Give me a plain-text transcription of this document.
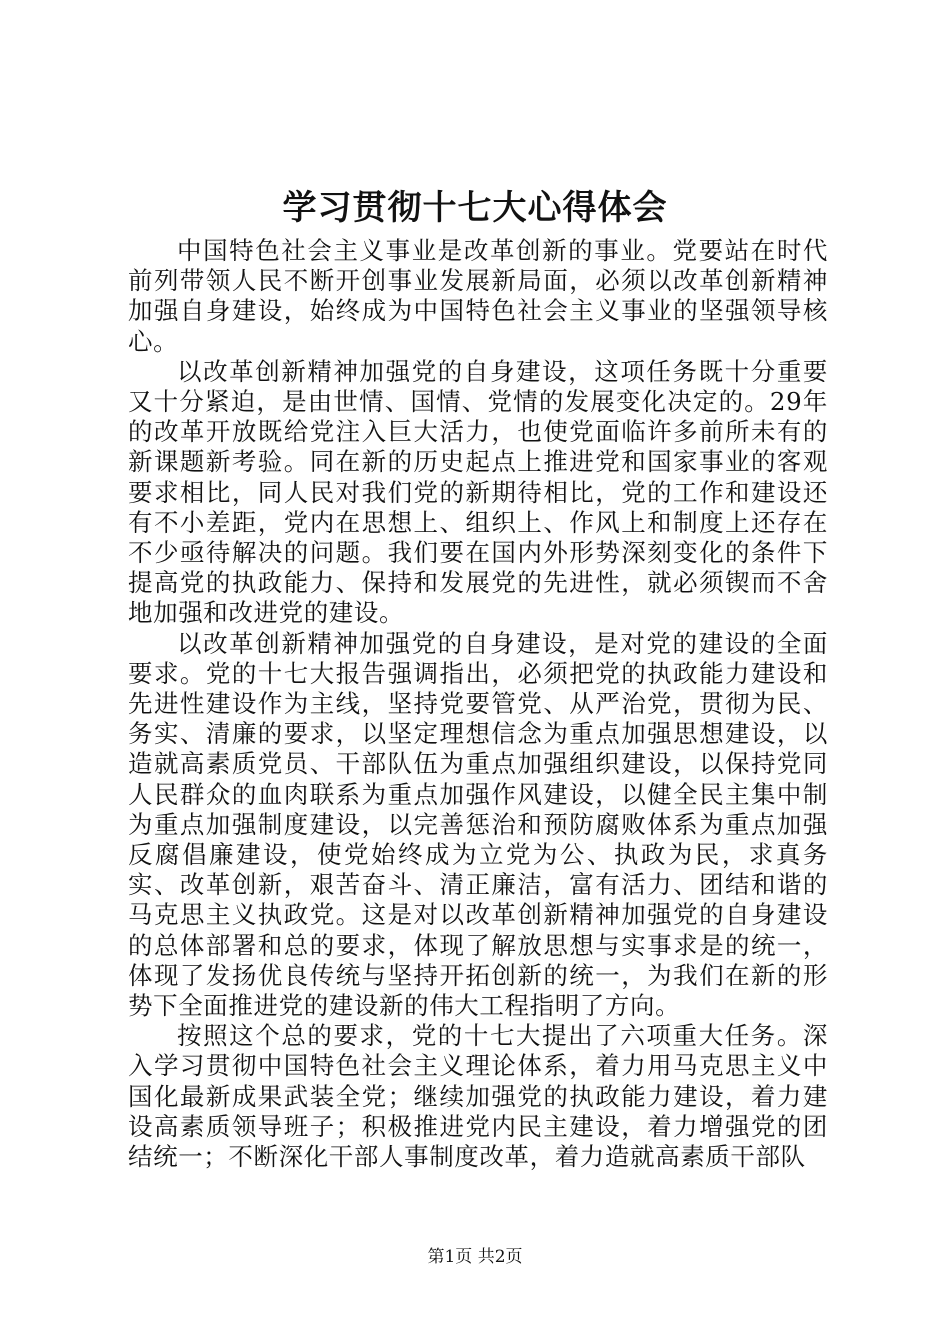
学习贯彻十七大心得体会

中国特色社会主义事业是改革创新的事业。党要站在时代前列带领人民不断开创事业发展新局面，必须以改革创新精神加强自身建设，始终成为中国特色社会主义事业的坚强领导核心。

以改革创新精神加强党的自身建设，这项任务既十分重要又十分紧迫，是由世情、国情、党情的发展变化决定的。29年的改革开放既给党注入巨大活力，也使党面临许多前所未有的新课题新考验。同在新的历史起点上推进党和国家事业的客观要求相比，同人民对我们党的新期待相比，党的工作和建设还有不小差距，党内在思想上、组织上、作风上和制度上还存在不少亟待解决的问题。我们要在国内外形势深刻变化的条件下提高党的执政能力、保持和发展党的先进性，就必须锲而不舍地加强和改进党的建设。

以改革创新精神加强党的自身建设，是对党的建设的全面要求。党的十七大报告强调指出，必须把党的执政能力建设和先进性建设作为主线，坚持党要管党、从严治党，贯彻为民、务实、清廉的要求，以坚定理想信念为重点加强思想建设，以造就高素质党员、干部队伍为重点加强组织建设，以保持党同人民群众的血肉联系为重点加强作风建设，以健全民主集中制为重点加强制度建设，以完善惩治和预防腐败体系为重点加强反腐倡廉建设，使党始终成为立党为公、执政为民，求真务实、改革创新，艰苦奋斗、清正廉洁，富有活力、团结和谐的马克思主义执政党。这是对以改革创新精神加强党的自身建设的总体部署和总的要求，体现了解放思想与实事求是的统一，体现了发扬优良传统与坚持开拓创新的统一，为我们在新的形势下全面推进党的建设新的伟大工程指明了方向。

按照这个总的要求，党的十七大提出了六项重大任务。深入学习贯彻中国特色社会主义理论体系，着力用马克思主义中国化最新成果武装全党；继续加强党的执政能力建设，着力建设高素质领导班子；积极推进党内民主建设，着力增强党的团结统一；不断深化干部人事制度改革，着力造就高素质干部队

第1页 共2页
